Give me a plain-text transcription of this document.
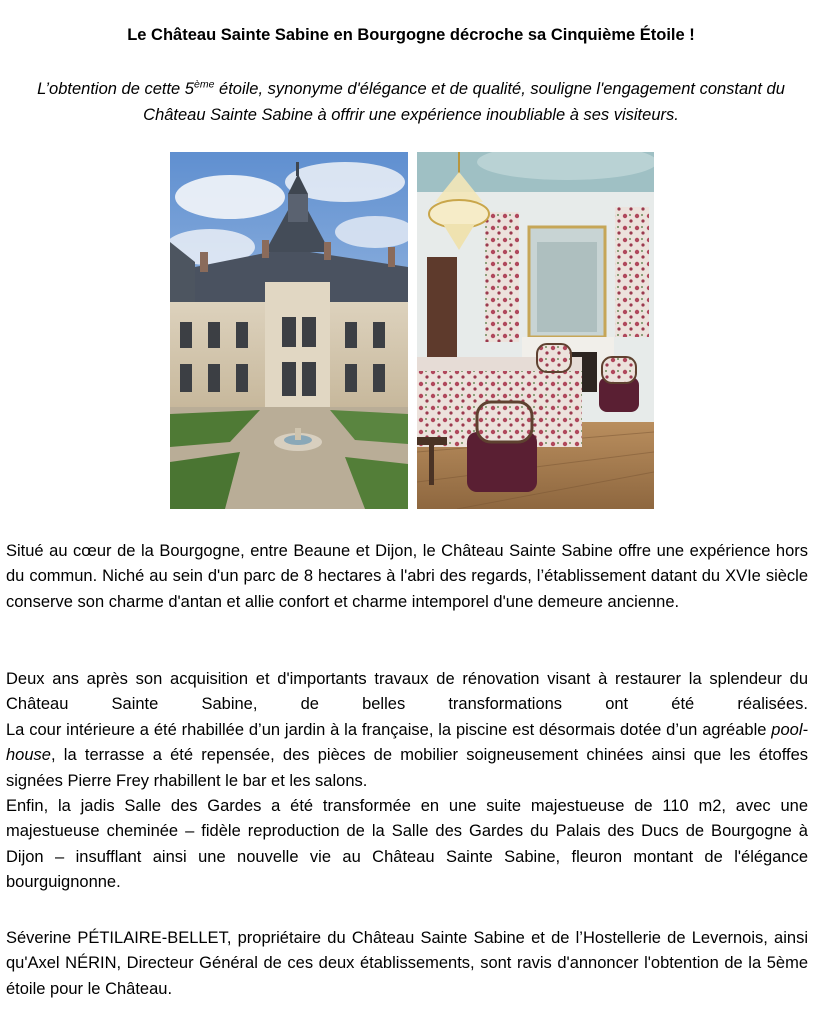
Le Château Sainte Sabine en Bourgogne décroche sa Cinquième Étoile !
L’obtention de cette 5ème étoile, synonyme d'élégance et de qualité, souligne l'engagement constant du Château Sainte Sabine à offrir une expérience inoubliable à ses visiteurs.

Situé au cœur de la Bourgogne, entre Beaune et Dijon, le Château Sainte Sabine offre une expérience hors du commun. Niché au sein d'un parc de 8 hectares à l'abri des regards, l’établissement datant du XVIe siècle conserve son charme d'antan et allie confort et charme intemporel d'une demeure ancienne.

Deux ans après son acquisition et d'importants travaux de rénovation visant à restaurer la splendeur du Château Sainte Sabine, de belles transformations ont été réalisées.

La cour intérieure a été rhabillée d’un jardin à la française, la piscine est désormais dotée d’un agréable pool-house, la terrasse a été repensée, des pièces de mobilier soigneusement chinées ainsi que les étoffes signées Pierre Frey rhabillent le bar et les salons.

Enfin, la jadis Salle des Gardes a été transformée en une suite majestueuse de 110 m2, avec une majestueuse cheminée – fidèle reproduction de la Salle des Gardes du Palais des Ducs de Bourgogne à Dijon – insufflant ainsi une nouvelle vie au Château Sainte Sabine, fleuron montant de l'élégance bourguignonne.

Séverine PÉTILAIRE-BELLET, propriétaire du Château Sainte Sabine et de l’Hostellerie de Levernois, ainsi qu'Axel NÉRIN, Directeur Général de ces deux établissements, sont ravis d'annoncer l'obtention de la 5ème étoile pour le Château.
